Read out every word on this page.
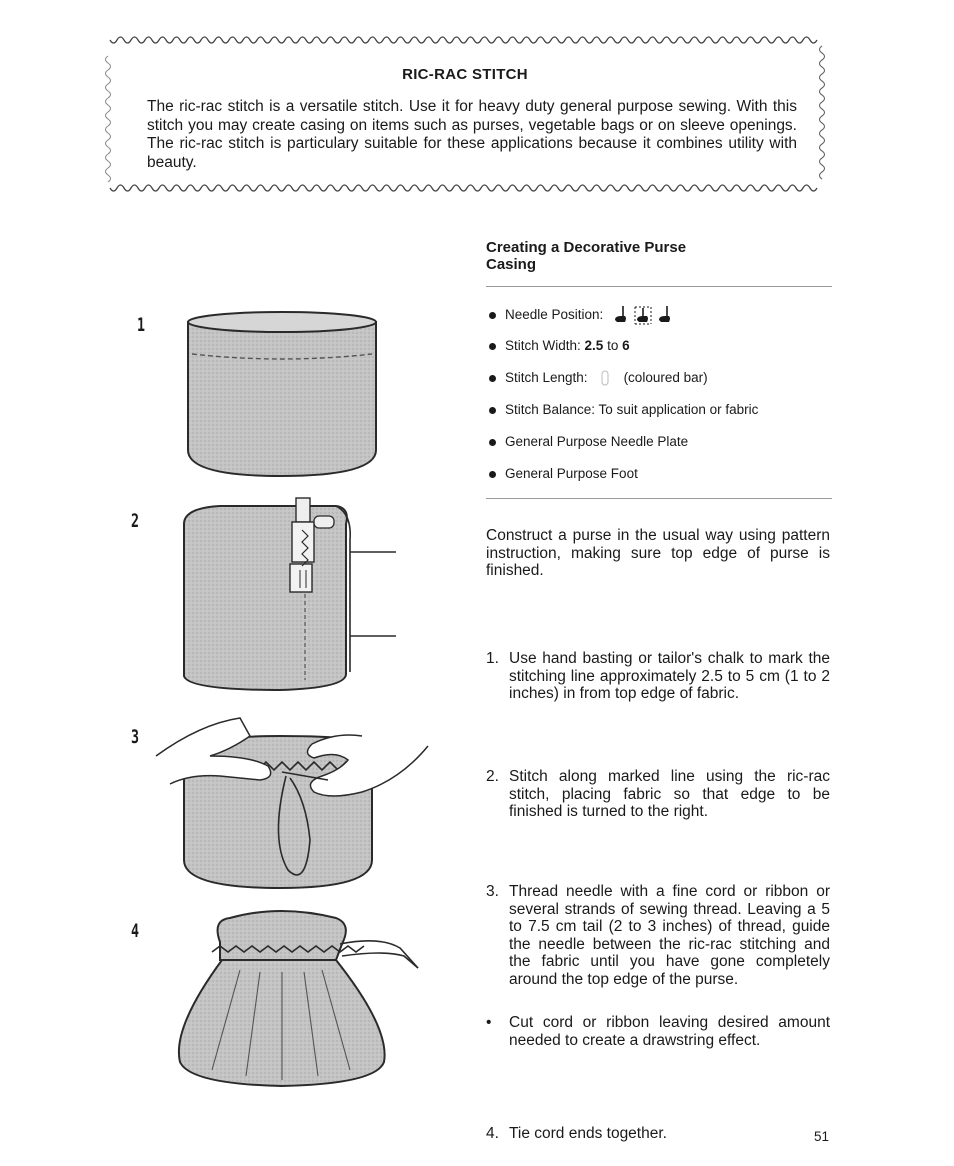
RIC-RAC STITCH

The ric-rac stitch is a versatile stitch. Use it for heavy duty general purpose sewing. With this stitch you may create casing on items such as purses, vegetable bags or on sleeve openings. The ric-rac stitch is particulary suitable for these applications because it combines utility with beauty.

1
2
3
4

Creating a Decorative Purse Casing

Needle Position:
Stitch Width:
2.5
to
6
Stitch Length:	(coloured bar)
Stitch Balance: To suit application or fabric
General Purpose Needle Plate
General Purpose Foot

Construct a purse in the usual way using pattern instruction, making sure top edge of purse is finished.

1. Use hand basting or tailor's chalk to mark the stitching line approximately 2.5 to 5 cm (1 to 2 inches) in from top edge of fabric.
2. Stitch along marked line using the ric-rac stitch, placing fabric so that edge to be finished is turned to the right.
3. Thread needle with a fine cord or ribbon or several strands of sewing thread. Leaving a 5 to 7.5 cm tail (2 to 3 inches) of thread, guide the needle between the ric-rac stitching and the fabric until you have gone completely around the top edge of the purse.
•	Cut cord or ribbon leaving desired amount needed to create a drawstring effect.
4. Tie cord ends together.	51
